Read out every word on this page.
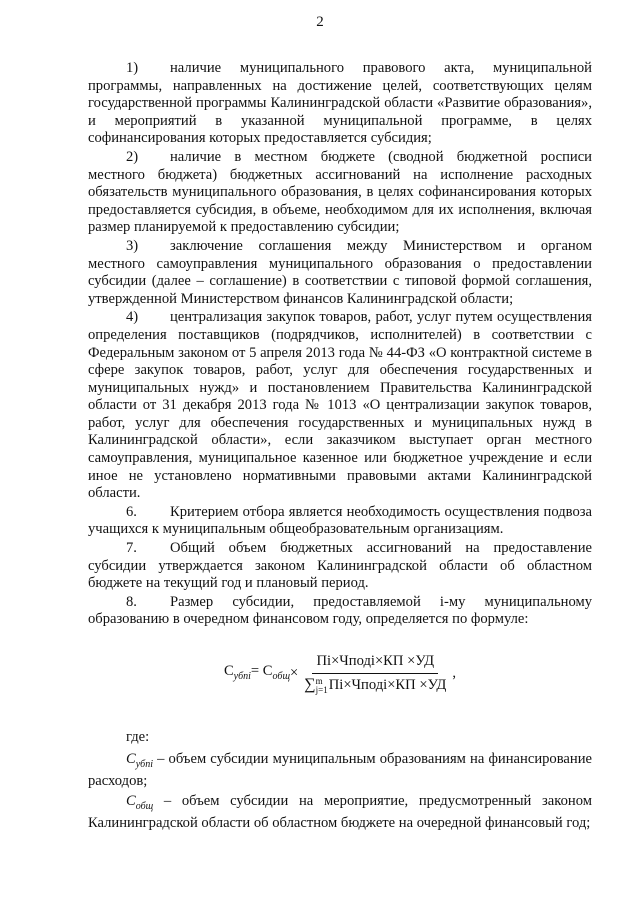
2

1) наличие муниципального правового акта, муниципальной программы, направленных на достижение целей, соответствующих целям государственной программы Калининградской области «Развитие образования», и мероприятий в указанной муниципальной программе, в целях софинансирования которых предоставляется субсидия;

2) наличие в местном бюджете (сводной бюджетной росписи местного бюджета) бюджетных ассигнований на исполнение расходных обязательств муниципального образования, в целях софинансирования которых предоставляется субсидия, в объеме, необходимом для их исполнения, включая размер планируемой к предоставлению субсидии;

3) заключение соглашения между Министерством и органом местного самоуправления муниципального образования о предоставлении субсидии (далее – соглашение) в соответствии с типовой формой соглашения, утвержденной Министерством финансов Калининградской области;

4) централизация закупок товаров, работ, услуг путем осуществления определения поставщиков (подрядчиков, исполнителей) в соответствии с Федеральным законом от 5 апреля 2013 года № 44-ФЗ «О контрактной системе в сфере закупок товаров, работ, услуг для обеспечения государственных и муниципальных нужд» и постановлением Правительства Калининградской области от 31 декабря 2013 года № 1013 «О централизации закупок товаров, работ, услуг для обеспечения государственных и муниципальных нужд в Калининградской области», если заказчиком выступает орган местного самоуправления, муниципальное казенное или бюджетное учреждение и если иное не установлено нормативными правовыми актами Калининградской области.

6. Критерием отбора является необходимость осуществления подвоза учащихся к муниципальным общеобразовательным организациям.

7. Общий объем бюджетных ассигнований на предоставление субсидии утверждается законом Калининградской области об областном бюджете на текущий год и плановый период.

8. Размер субсидии, предоставляемой i-му муниципальному образованию в очередном финансовом году, определяется по формуле:

$С_{убпi} = С_{общ}$ × Пi×Чподi×КП ×УД
∑ m
j=1 Пi×Чподi×КП ×УД ,

где:

$С_{убпi}$ – объем субсидии муниципальным образованиям на финансирование расходов;

$С_{общ}$ – объем субсидии на мероприятие, предусмотренный законом Калининградской области об областном бюджете на очередной финансовый год;
